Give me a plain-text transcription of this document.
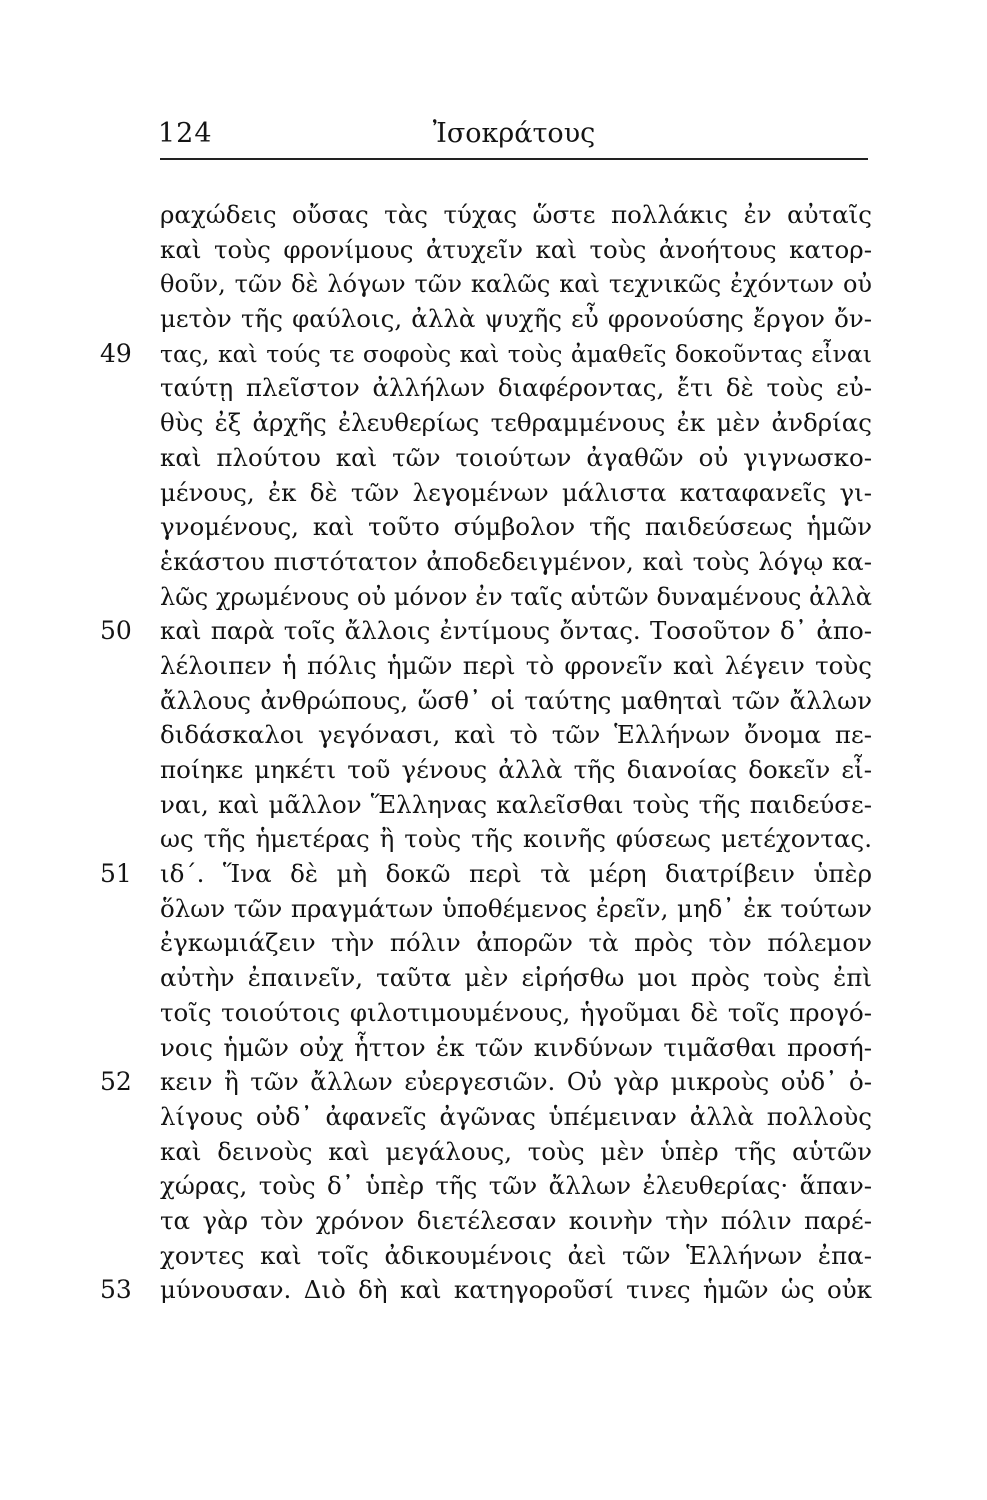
124	Ἰσοκράτους
ραχώδεις οὔσας τὰς τύχας ὥστε πολλάκις ἐν αὐταῖς
καὶ τοὺς φρονίμους ἀτυχεῖν καὶ τοὺς ἀνοήτους κατορ-
θοῦν, τῶν δὲ λόγων τῶν καλῶς καὶ τεχνικῶς ἐχόντων οὐ
μετὸν τῆς φαύλοις, ἀλλὰ ψυχῆς εὖ φρονούσης ἔργον ὄν-
49	τας, καὶ τούς τε σοφοὺς καὶ τοὺς ἀμαθεῖς δοκοῦντας εἶναι
ταύτῃ πλεῖστον ἀλλήλων διαφέροντας, ἔτι δὲ τοὺς εὐ-
θὺς ἐξ ἀρχῆς ἐλευθερίως τεθραμμένους ἐκ μὲν ἀνδρίας
καὶ πλούτου καὶ τῶν τοιούτων ἀγαθῶν οὐ γιγνωσκο-
μένους, ἐκ δὲ τῶν λεγομένων μάλιστα καταφανεῖς γι-
γνομένους, καὶ τοῦτο σύμβολον τῆς παιδεύσεως ἡμῶν
ἑκάστου πιστότατον ἀποδεδειγμένον, καὶ τοὺς λόγῳ κα-
λῶς χρωμένους οὐ μόνον ἐν ταῖς αὑτῶν δυναμένους ἀλλὰ
50	καὶ παρὰ τοῖς ἄλλοις ἐντίμους ὄντας. Τοσοῦτον δ᾽ ἀπο-
λέλοιπεν ἡ πόλις ἡμῶν περὶ τὸ φρονεῖν καὶ λέγειν τοὺς
ἄλλους ἀνθρώπους, ὥσθ᾽ οἱ ταύτης μαθηταὶ τῶν ἄλλων
διδάσκαλοι γεγόνασι, καὶ τὸ τῶν Ἑλλήνων ὄνομα πε-
ποίηκε μηκέτι τοῦ γένους ἀλλὰ τῆς διανοίας δοκεῖν εἶ-
ναι, καὶ μᾶλλον Ἕλληνας καλεῖσθαι τοὺς τῆς παιδεύσε-
ως τῆς ἡμετέρας ἢ τοὺς τῆς κοινῆς φύσεως μετέχοντας.
51	ιδ΄. Ἵνα δὲ μὴ δοκῶ περὶ τὰ μέρη διατρίβειν ὑπὲρ
ὅλων τῶν πραγμάτων ὑποθέμενος ἐρεῖν, μηδ᾽ ἐκ τούτων
ἐγκωμιάζειν τὴν πόλιν ἀπορῶν τὰ πρὸς τὸν πόλεμον
αὐτὴν ἐπαινεῖν, ταῦτα μὲν εἰρήσθω μοι πρὸς τοὺς ἐπὶ
τοῖς τοιούτοις φιλοτιμουμένους, ἡγοῦμαι δὲ τοῖς προγό-
νοις ἡμῶν οὐχ ἧττον ἐκ τῶν κινδύνων τιμᾶσθαι προσή-
52	κειν ἢ τῶν ἄλλων εὐεργεσιῶν. Οὐ γὰρ μικροὺς οὐδ᾽ ὀ-
λίγους οὐδ᾽ ἀφανεῖς ἀγῶνας ὑπέμειναν ἀλλὰ πολλοὺς
καὶ δεινοὺς καὶ μεγάλους, τοὺς μὲν ὑπὲρ τῆς αὑτῶν
χώρας, τοὺς δ᾽ ὑπὲρ τῆς τῶν ἄλλων ἐλευθερίας· ἅπαν-
τα γὰρ τὸν χρόνον διετέλεσαν κοινὴν τὴν πόλιν παρέ-
χοντες καὶ τοῖς ἀδικουμένοις ἀεὶ τῶν Ἑλλήνων ἐπα-
53	μύνουσαν. Διὸ δὴ καὶ κατηγοροῦσί τινες ἡμῶν ὡς οὐκ
